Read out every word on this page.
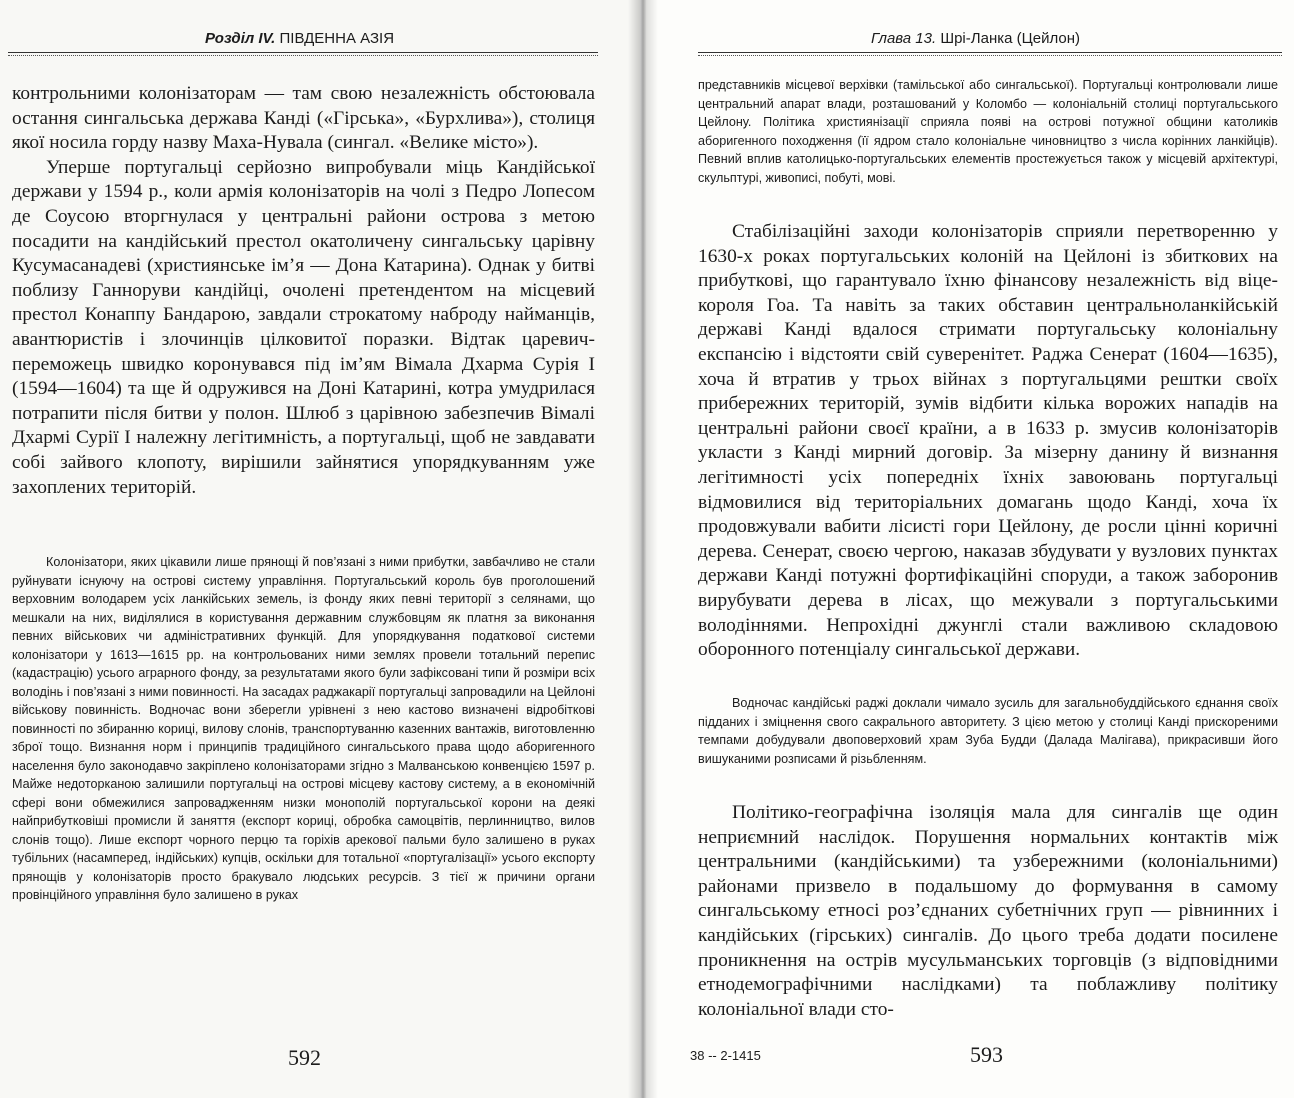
Розділ IV. ПІВДЕННА АЗІЯ

контрольними колонізаторам — там свою незалежність обстоювала остання сингальська держава Канді («Гірська», «Бурхлива»), столиця якої носила горду назву Маха-Нувала (сингал. «Велике місто»).

Уперше португальці серйозно випробували міць Кандійської держави у 1594 р., коли армія колонізаторів на чолі з Педро Лопесом де Соусою вторгнулася у центральні райони острова з метою посадити на кандійський престол окатоличену сингальську царівну Кусумасанадеві (християнське ім’я — Дона Катарина). Однак у битві поблизу Ганноруви кандійці, очолені претендентом на місцевий престол Конаппу Бандарою, завдали строкатому наброду найманців, авантюристів і злочинців цілковитої поразки. Відтак царевич-переможець швидко коронувався під ім’ям Вімала Дхарма Сурія І (1594—1604) та ще й одружився на Доні Катарині, котра умудрилася потрапити після битви у полон. Шлюб з царівною забезпечив Вімалі Дхармі Сурії І належну легітимність, а португальці, щоб не завдавати собі зайвого клопоту, вирішили зайнятися упорядкуванням уже захоплених територій.

Колонізатори, яких цікавили лише прянощі й пов’язані з ними прибутки, завбачливо не стали руйнувати існуючу на острові систему управління. Португальський король був проголошений верховним володарем усіх ланкійських земель, із фонду яких певні території з селянами, що мешкали на них, виділялися в користування державним службовцям як платня за виконання певних військових чи адміністративних функцій. Для упорядкування податкової системи колонізатори у 1613—1615 рр. на контрольованих ними землях провели тотальний перепис (кадастрацію) усього аграрного фонду, за результатами якого були зафіксовані типи й розміри всіх володінь і пов’язані з ними повинності. На засадах раджакарії португальці запровадили на Цейлоні військову повинність. Водночас вони зберегли урівнені з нею кастово визначені відробіткові повинності по збиранню кориці, вилову слонів, транспортуванню казенних вантажів, виготовленню зброї тощо. Визнання норм і принципів традиційного сингальського права щодо аборигенного населення було законодавчо закріплено колонізаторами згідно з Малванською конвенцією 1597 р. Майже недоторканою залишили португальці на острові місцеву кастову систему, а в економічній сфері вони обмежилися запровадженням низки монополій португальської корони на деякі найприбутковіші промисли й заняття (експорт кориці, обробка самоцвітів, перлинництво, вилов слонів тощо). Лише експорт чорного перцю та горіхів арекової пальми було залишено в руках тубільних (насамперед, індійських) купців, оскільки для тотальної «португалізації» усього експорту прянощів у колонізаторів просто бракувало людських ресурсів. З тієї ж причини органи провінційного управління було залишено в руках

592
Глава 13. Шрі-Ланка (Цейлон)

представників місцевої верхівки (тамільської або сингальської). Португальці контролювали лише центральний апарат влади, розташований у Коломбо — колоніальній столиці португальського Цейлону. Політика християнізації сприяла появі на острові потужної общини католиків аборигенного походження (її ядром стало колоніальне чиновництво з числа корінних ланкійців). Певний вплив католицько-португальських елементів простежується також у місцевій архітектурі, скульптурі, живописі, побуті, мові.

Стабілізаційні заходи колонізаторів сприяли перетворенню у 1630-х роках португальських колоній на Цейлоні із збиткових на прибуткові, що гарантувало їхню фінансову незалежність від віце-короля Гоа. Та навіть за таких обставин центральноланкійській державі Канді вдалося стримати португальську колоніальну експансію і відстояти свій суверенітет. Раджа Сенерат (1604—1635), хоча й втратив у трьох війнах з португальцями рештки своїх прибережних територій, зумів відбити кілька ворожих нападів на центральні райони своєї країни, а в 1633 р. змусив колонізаторів укласти з Канді мирний договір. За мізерну данину й визнання легітимності усіх попередніх їхніх завоювань португальці відмовилися від територіальних домагань щодо Канді, хоча їх продовжували вабити лісисті гори Цейлону, де росли цінні коричні дерева. Сенерат, своєю чергою, наказав збудувати у вузлових пунктах держави Канді потужні фортифікаційні споруди, а також заборонив вирубувати дерева в лісах, що межували з португальськими володіннями. Непрохідні джунглі стали важливою складовою оборонного потенціалу сингальської держави.

Водночас кандійські раджі доклали чимало зусиль для загальнобуддійського єднання своїх підданих і зміцнення свого сакрального авторитету. З цією метою у столиці Канді прискореними темпами добудували двоповерховий храм Зуба Будди (Далада Малігава), прикрасивши його вишуканими розписами й різьбленням.

Політико-географічна ізоляція мала для сингалів ще один неприємний наслідок. Порушення нормальних контактів між центральними (кандійськими) та узбережними (колоніальними) районами призвело в подальшому до формування в самому сингальському етносі роз’єднаних субетнічних груп — рівнинних і кандійських (гірських) сингалів. До цього треба додати посилене проникнення на острів мусульманських торговців (з відповідними етнодемографічними наслідками) та поблажливу політику колоніальної влади сто-

38 -- 2-1415	593
